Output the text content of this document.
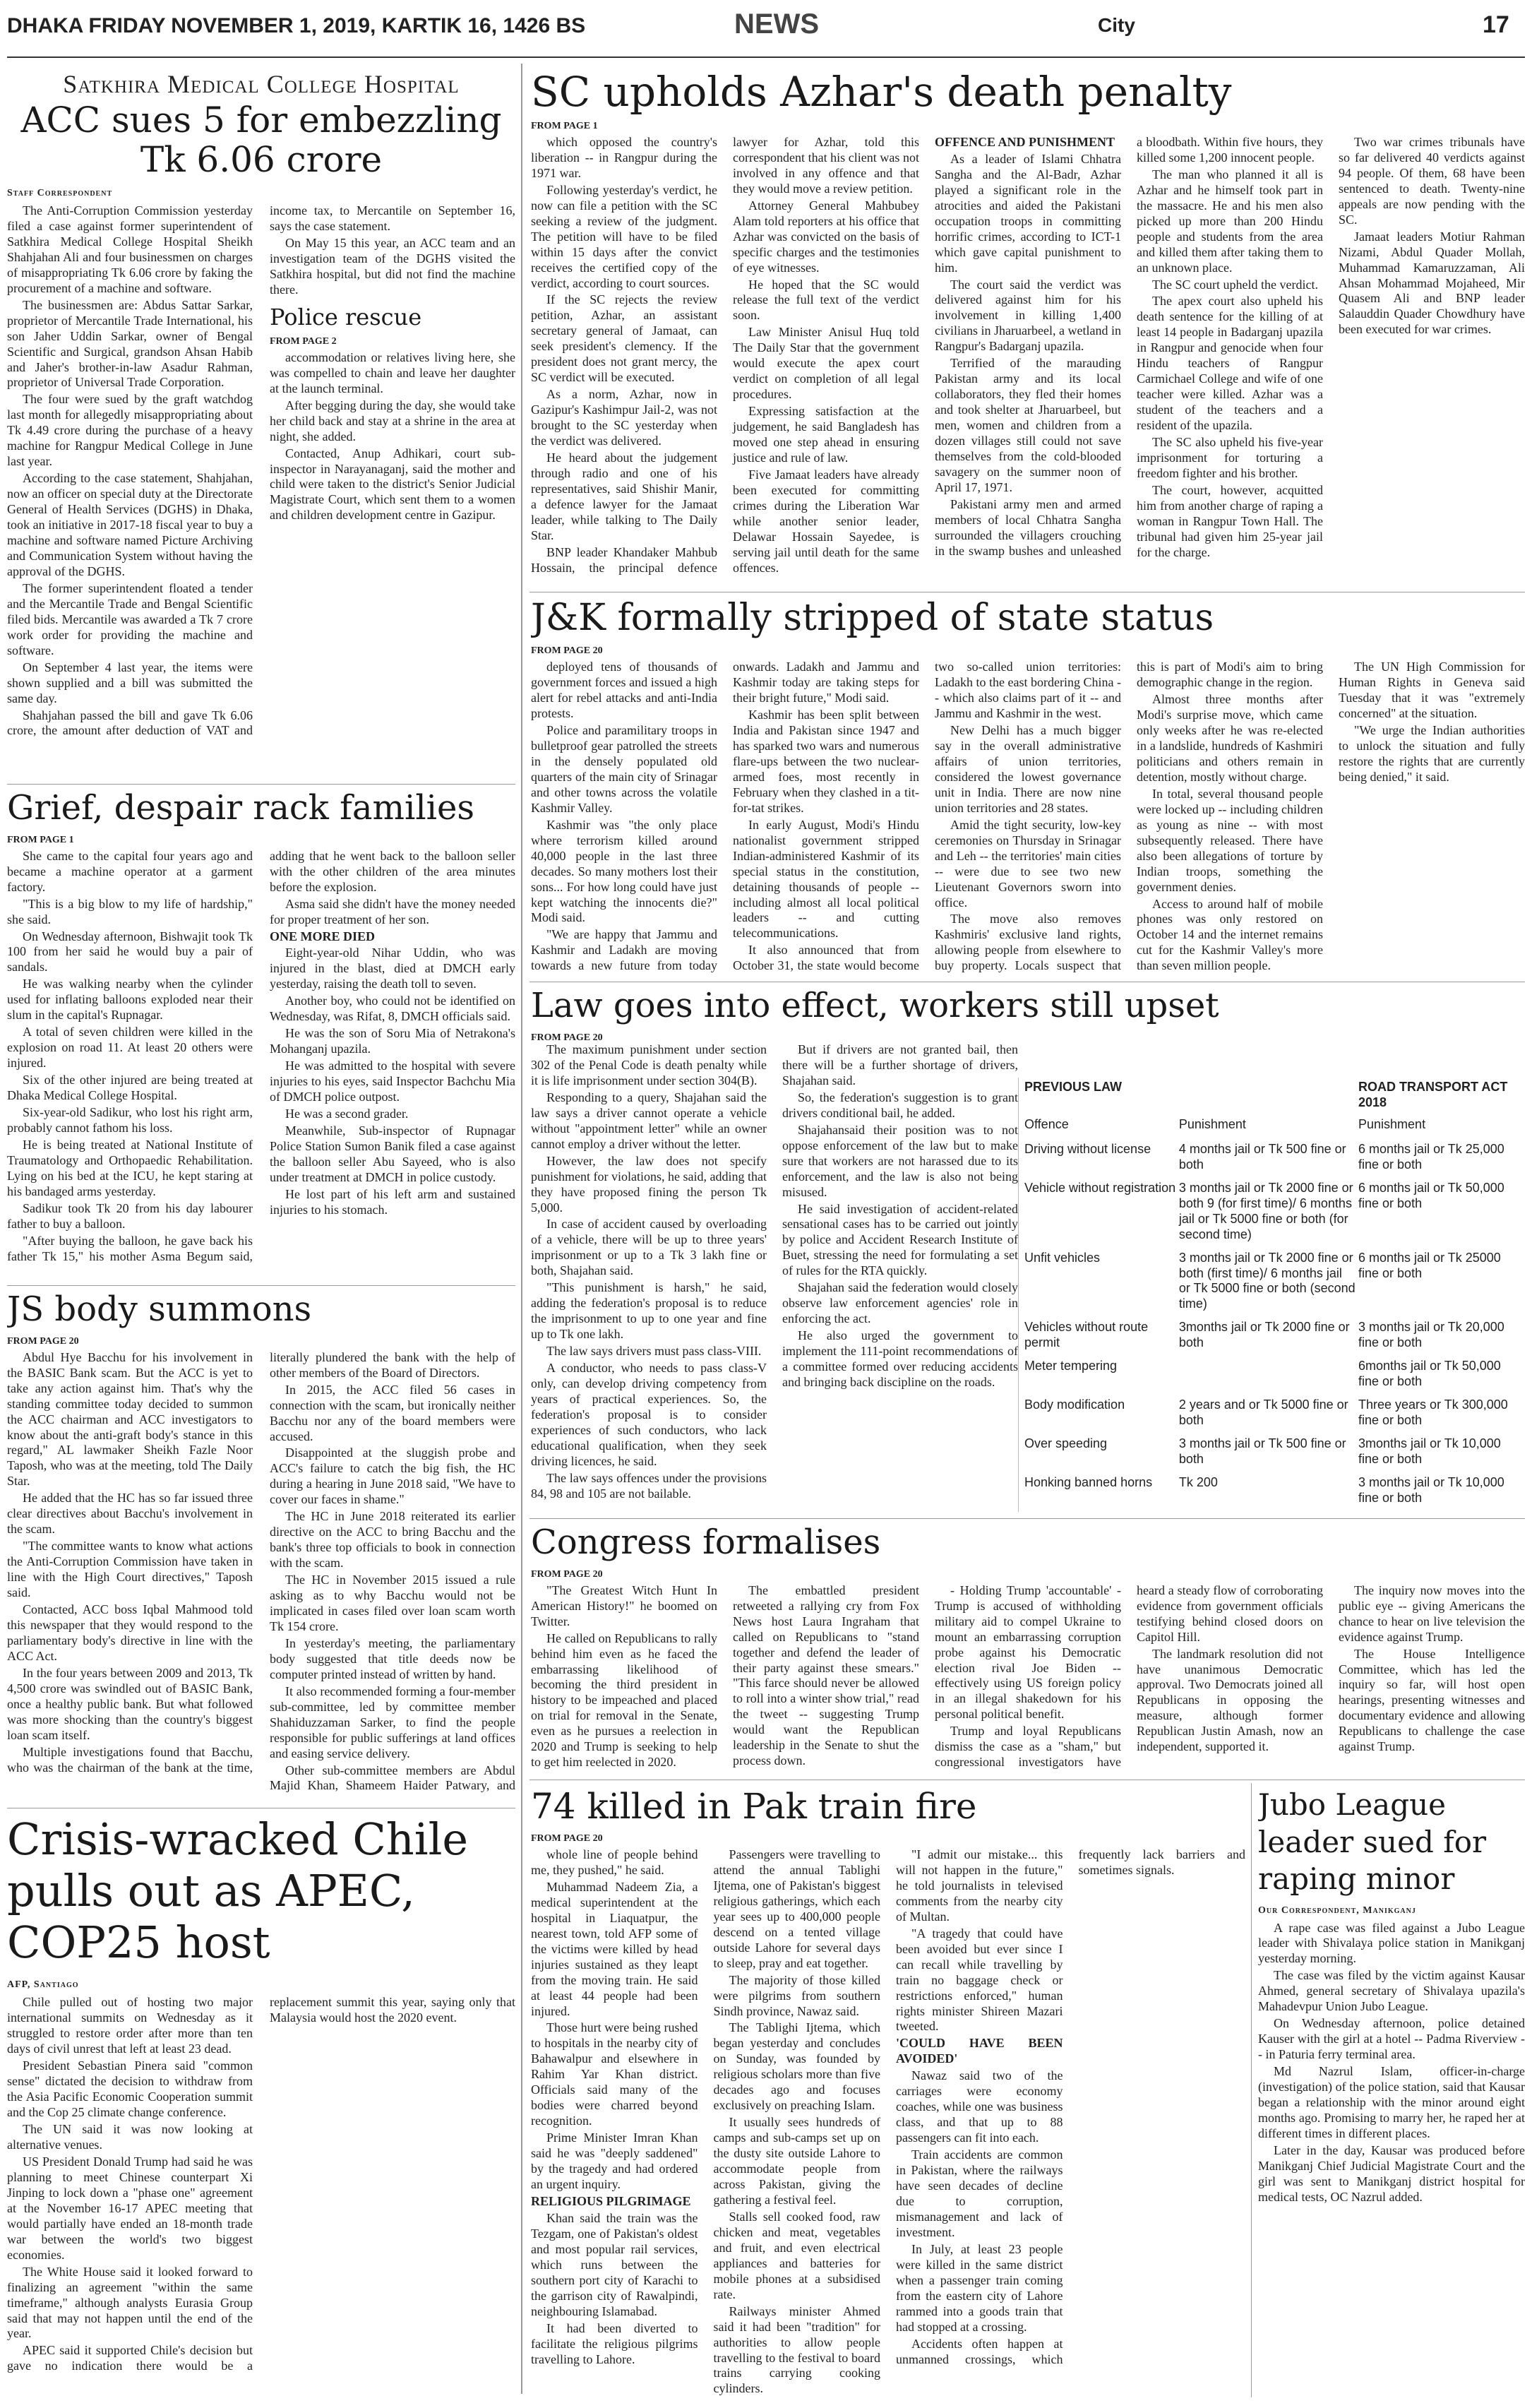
DHAKA FRIDAY NOVEMBER 1, 2019, KARTIK 16, 1426 BS	NEWS	City	17
Satkhira Medical College Hospital
ACC sues 5 for embezzling Tk 6.06 crore
Staff Correspondent

The Anti-Corruption Commission yesterday filed a case against former superintendent of Satkhira Medical College Hospital Sheikh Shahjahan Ali and four businessmen on charges of misappropriating Tk 6.06 crore by faking the procurement of a machine and software.

The businessmen are: Abdus Sattar Sarkar, proprietor of Mercantile Trade International, his son Jaher Uddin Sarkar, owner of Bengal Scientific and Surgical, grandson Ahsan Habib and Jaher's brother-in-law Asadur Rahman, proprietor of Universal Trade Corporation.

The four were sued by the graft watchdog last month for allegedly misappropriating about Tk 4.49 crore during the purchase of a heavy machine for Rangpur Medical College in June last year.

According to the case statement, Shahjahan, now an officer on special duty at the Directorate General of Health Services (DGHS) in Dhaka, took an initiative in 2017-18 fiscal year to buy a machine and software named Picture Archiving and Communication System without having the approval of the DGHS.

The former superintendent floated a tender and the Mercantile Trade and Bengal Scientific filed bids. Mercantile was awarded a Tk 7 crore work order for providing the machine and software.

On September 4 last year, the items were shown supplied and a bill was submitted the same day.

Shahjahan passed the bill and gave Tk 6.06 crore, the amount after deduction of VAT and income tax, to Mercantile on September 16, says the case statement.

On May 15 this year, an ACC team and an investigation team of the DGHS visited the Satkhira hospital, but did not find the machine there.

Police rescue
FROM PAGE 2

accommodation or relatives living here, she was compelled to chain and leave her daughter at the launch terminal.

After begging during the day, she would take her child back and stay at a shrine in the area at night, she added.

Contacted, Anup Adhikari, court sub-inspector in Narayanaganj, said the mother and child were taken to the district's Senior Judicial Magistrate Court, which sent them to a women and children development centre in Gazipur.

Grief, despair rack families
FROM PAGE 1

She came to the capital four years ago and became a machine operator at a garment factory.

"This is a big blow to my life of hardship," she said.

On Wednesday afternoon, Bishwajit took Tk 100 from her said he would buy a pair of sandals.

He was walking nearby when the cylinder used for inflating balloons exploded near their slum in the capital's Rupnagar.

A total of seven children were killed in the explosion on road 11. At least 20 others were injured.

Six of the other injured are being treated at Dhaka Medical College Hospital.

Six-year-old Sadikur, who lost his right arm, probably cannot fathom his loss.

He is being treated at National Institute of Traumatology and Orthopaedic Rehabilitation. Lying on his bed at the ICU, he kept staring at his bandaged arms yesterday.

Sadikur took Tk 20 from his day labourer father to buy a balloon.

"After buying the balloon, he gave back his father Tk 15," his mother Asma Begum said, adding that he went back to the balloon seller with the other children of the area minutes before the explosion.

Asma said she didn't have the money needed for proper treatment of her son.

ONE MORE DIED

Eight-year-old Nihar Uddin, who was injured in the blast, died at DMCH early yesterday, raising the death toll to seven.

Another boy, who could not be identified on Wednesday, was Rifat, 8, DMCH officials said.

He was the son of Soru Mia of Netrakona's Mohanganj upazila.

He was admitted to the hospital with severe injuries to his eyes, said Inspector Bachchu Mia of DMCH police outpost.

He was a second grader.

Meanwhile, Sub-inspector of Rupnagar Police Station Sumon Banik filed a case against the balloon seller Abu Sayeed, who is also under treatment at DMCH in police custody.

He lost part of his left arm and sustained injuries to his stomach.

JS body summons
FROM PAGE 20

Abdul Hye Bacchu for his involvement in the BASIC Bank scam. But the ACC is yet to take any action against him. That's why the standing committee today decided to summon the ACC chairman and ACC investigators to know about the anti-graft body's stance in this regard," AL lawmaker Sheikh Fazle Noor Taposh, who was at the meeting, told The Daily Star.

He added that the HC has so far issued three clear directives about Bacchu's involvement in the scam.

"The committee wants to know what actions the Anti-Corruption Commission have taken in line with the High Court directives," Taposh said.

Contacted, ACC boss Iqbal Mahmood told this newspaper that they would respond to the parliamentary body's directive in line with the ACC Act.

In the four years between 2009 and 2013, Tk 4,500 crore was swindled out of BASIC Bank, once a healthy public bank. But what followed was more shocking than the country's biggest loan scam itself.

Multiple investigations found that Bacchu, who was the chairman of the bank at the time, literally plundered the bank with the help of other members of the Board of Directors.

In 2015, the ACC filed 56 cases in connection with the scam, but ironically neither Bacchu nor any of the board members were accused.

Disappointed at the sluggish probe and ACC's failure to catch the big fish, the HC during a hearing in June 2018 said, "We have to cover our faces in shame."

The HC in June 2018 reiterated its earlier directive on the ACC to bring Bacchu and the bank's three top officials to book in connection with the scam.

The HC in November 2015 issued a rule asking as to why Bacchu would not be implicated in cases filed over loan scam worth Tk 154 crore.

In yesterday's meeting, the parliamentary body suggested that title deeds now be computer printed instead of written by hand.

It also recommended forming a four-member sub-committee, led by committee member Shahiduzzaman Sarker, to find the people responsible for public sufferings at land offices and easing service delivery.

Other sub-committee members are Abdul Majid Khan, Shameem Haider Patwary, and

Crisis-wracked Chile pulls out as APEC, COP25 host
AFP, Santiago

Chile pulled out of hosting two major international summits on Wednesday as it struggled to restore order after more than ten days of civil unrest that left at least 23 dead.

President Sebastian Pinera said "common sense" dictated the decision to withdraw from the Asia Pacific Economic Cooperation summit and the Cop 25 climate change conference.

The UN said it was now looking at alternative venues.

US President Donald Trump had said he was planning to meet Chinese counterpart Xi Jinping to lock down a "phase one" agreement at the November 16-17 APEC meeting that would partially have ended an 18-month trade war between the world's two biggest economies.

The White House said it looked forward to finalizing an agreement "within the same timeframe," although analysts Eurasia Group said that may not happen until the end of the year.

APEC said it supported Chile's decision but gave no indication there would be a replacement summit this year, saying only that Malaysia would host the 2020 event.

SC upholds Azhar's death penalty
FROM PAGE 1

which opposed the country's liberation -- in Rangpur during the 1971 war.

Following yesterday's verdict, he now can file a petition with the SC seeking a review of the judgment. The petition will have to be filed within 15 days after the convict receives the certified copy of the verdict, according to court sources.

If the SC rejects the review petition, Azhar, an assistant secretary general of Jamaat, can seek president's clemency. If the president does not grant mercy, the SC verdict will be executed.

As a norm, Azhar, now in Gazipur's Kashimpur Jail-2, was not brought to the SC yesterday when the verdict was delivered.

He heard about the judgement through radio and one of his representatives, said Shishir Manir, a defence lawyer for the Jamaat leader, while talking to The Daily Star.

BNP leader Khandaker Mahbub Hossain, the principal defence lawyer for Azhar, told this correspondent that his client was not involved in any offence and that they would move a review petition.

Attorney General Mahbubey Alam told reporters at his office that Azhar was convicted on the basis of specific charges and the testimonies of eye witnesses.

He hoped that the SC would release the full text of the verdict soon.

Law Minister Anisul Huq told The Daily Star that the government would execute the apex court verdict on completion of all legal procedures.

Expressing satisfaction at the judgement, he said Bangladesh has moved one step ahead in ensuring justice and rule of law.

Five Jamaat leaders have already been executed for committing crimes during the Liberation War while another senior leader, Delawar Hossain Sayedee, is serving jail until death for the same offences.

OFFENCE AND PUNISHMENT

As a leader of Islami Chhatra Sangha and the Al-Badr, Azhar played a significant role in the atrocities and aided the Pakistani occupation troops in committing horrific crimes, according to ICT-1 which gave capital punishment to him.

The court said the verdict was delivered against him for his involvement in killing 1,400 civilians in Jharuarbeel, a wetland in Rangpur's Badarganj upazila.

Terrified of the marauding Pakistan army and its local collaborators, they fled their homes and took shelter at Jharuarbeel, but men, women and children from a dozen villages still could not save themselves from the cold-blooded savagery on the summer noon of April 17, 1971.

Pakistani army men and armed members of local Chhatra Sangha surrounded the villagers crouching in the swamp bushes and unleashed a bloodbath. Within five hours, they killed some 1,200 innocent people.

The man who planned it all is Azhar and he himself took part in the massacre. He and his men also picked up more than 200 Hindu people and students from the area and killed them after taking them to an unknown place.

The SC court upheld the verdict.

The apex court also upheld his death sentence for the killing of at least 14 people in Badarganj upazila in Rangpur and genocide when four Hindu teachers of Rangpur Carmichael College and wife of one teacher were killed. Azhar was a student of the teachers and a resident of the upazila.

The SC also upheld his five-year imprisonment for torturing a freedom fighter and his brother.

The court, however, acquitted him from another charge of raping a woman in Rangpur Town Hall. The tribunal had given him 25-year jail for the charge.

Two war crimes tribunals have so far delivered 40 verdicts against 94 people. Of them, 68 have been sentenced to death. Twenty-nine appeals are now pending with the SC.

Jamaat leaders Motiur Rahman Nizami, Abdul Quader Mollah, Muhammad Kamaruzzaman, Ali Ahsan Mohammad Mojaheed, Mir Quasem Ali and BNP leader Salauddin Quader Chowdhury have been executed for war crimes.

J&K formally stripped of state status
FROM PAGE 20

deployed tens of thousands of government forces and issued a high alert for rebel attacks and anti-India protests.

Police and paramilitary troops in bulletproof gear patrolled the streets in the densely populated old quarters of the main city of Srinagar and other towns across the volatile Kashmir Valley.

Kashmir was "the only place where terrorism killed around 40,000 people in the last three decades. So many mothers lost their sons... For how long could have just kept watching the innocents die?" Modi said.

"We are happy that Jammu and Kashmir and Ladakh are moving towards a new future from today onwards. Ladakh and Jammu and Kashmir today are taking steps for their bright future," Modi said.

Kashmir has been split between India and Pakistan since 1947 and has sparked two wars and numerous flare-ups between the two nuclear-armed foes, most recently in February when they clashed in a tit-for-tat strikes.

In early August, Modi's Hindu nationalist government stripped Indian-administered Kashmir of its special status in the constitution, detaining thousands of people -- including almost all local political leaders -- and cutting telecommunications.

It also announced that from October 31, the state would become two so-called union territories: Ladakh to the east bordering China -- which also claims part of it -- and Jammu and Kashmir in the west.

New Delhi has a much bigger say in the overall administrative affairs of union territories, considered the lowest governance unit in India. There are now nine union territories and 28 states.

Amid the tight security, low-key ceremonies on Thursday in Srinagar and Leh -- the territories' main cities -- were due to see two new Lieutenant Governors sworn into office.

The move also removes Kashmiris' exclusive land rights, allowing people from elsewhere to buy property. Locals suspect that this is part of Modi's aim to bring demographic change in the region.

Almost three months after Modi's surprise move, which came only weeks after he was re-elected in a landslide, hundreds of Kashmiri politicians and others remain in detention, mostly without charge.

In total, several thousand people were locked up -- including children as young as nine -- with most subsequently released. There have also been allegations of torture by Indian troops, something the government denies.

Access to around half of mobile phones was only restored on October 14 and the internet remains cut for the Kashmir Valley's more than seven million people.

The UN High Commission for Human Rights in Geneva said Tuesday that it was "extremely concerned" at the situation.

"We urge the Indian authorities to unlock the situation and fully restore the rights that are currently being denied," it said.

Law goes into effect, workers still upset
FROM PAGE 20

The maximum punishment under section 302 of the Penal Code is death penalty while it is life imprisonment under section 304(B).

Responding to a query, Shajahan said the law says a driver cannot operate a vehicle without "appointment letter" while an owner cannot employ a driver without the letter.

However, the law does not specify punishment for violations, he said, adding that they have proposed fining the person Tk 5,000.

In case of accident caused by overloading of a vehicle, there will be up to three years' imprisonment or up to a Tk 3 lakh fine or both, Shajahan said.

"This punishment is harsh," he said, adding the federation's proposal is to reduce the imprisonment to up to one year and fine up to Tk one lakh.

The law says drivers must pass class-VIII.

A conductor, who needs to pass class-V only, can develop driving competency from years of practical experiences. So, the federation's proposal is to consider experiences of such conductors, who lack educational qualification, when they seek driving licences, he said.

The law says offences under the provisions 84, 98 and 105 are not bailable.

But if drivers are not granted bail, then there will be a further shortage of drivers, Shajahan said.

So, the federation's suggestion is to grant drivers conditional bail, he added.

Shajahansaid their position was to not oppose enforcement of the law but to make sure that workers are not harassed due to its enforcement, and the law is also not being misused.

He said investigation of accident-related sensational cases has to be carried out jointly by police and Accident Research Institute of Buet, stressing the need for formulating a set of rules for the RTA quickly.

Shajahan said the federation would closely observe law enforcement agencies' role in enforcing the act.

He also urged the government to implement the 111-point recommendations of a committee formed over reducing accidents and bringing back discipline on the roads.

PREVIOUS LAW		ROAD TRANSPORT ACT 2018
Offence	Punishment	Punishment
Driving without license	4 months jail or Tk 500 fine or both	6 months jail or Tk 25,000 fine or both
Vehicle without registration	3 months jail or Tk 2000 fine or both 9 (for first time)/ 6 months jail or Tk 5000 fine or both (for second time)	6 months jail or Tk 50,000 fine or both
Unfit vehicles	3 months jail or Tk 2000 fine or both (first time)/ 6 months jail or Tk 5000 fine or both (second time)	6 months jail or Tk 25000 fine or both
Vehicles without route permit	3months jail or Tk 2000 fine or both	3 months jail or Tk 20,000 fine or both
Meter tempering		6months jail or Tk 50,000 fine or both
Body modification	2 years and or Tk 5000 fine or both	Three years or Tk 300,000 fine or both
Over speeding	3 months jail or Tk 500 fine or both	3months jail or Tk 10,000 fine or both
Honking banned horns	Tk 200	3 months jail or Tk 10,000 fine or both

Congress formalises
FROM PAGE 20

"The Greatest Witch Hunt In American History!" he boomed on Twitter.

He called on Republicans to rally behind him even as he faced the embarrassing likelihood of becoming the third president in history to be impeached and placed on trial for removal in the Senate, even as he pursues a reelection in 2020 and Trump is seeking to help to get him reelected in 2020.

The embattled president retweeted a rallying cry from Fox News host Laura Ingraham that called on Republicans to "stand together and defend the leader of their party against these smears." "This farce should never be allowed to roll into a winter show trial," read the tweet -- suggesting Trump would want the Republican leadership in the Senate to shut the process down.

- Holding Trump 'accountable' - Trump is accused of withholding military aid to compel Ukraine to mount an embarrassing corruption probe against his Democratic election rival Joe Biden -- effectively using US foreign policy in an illegal shakedown for his personal political benefit.

Trump and loyal Republicans dismiss the case as a "sham," but congressional investigators have heard a steady flow of corroborating evidence from government officials testifying behind closed doors on Capitol Hill.

The landmark resolution did not have unanimous Democratic approval. Two Democrats joined all Republicans in opposing the measure, although former Republican Justin Amash, now an independent, supported it.

The inquiry now moves into the public eye -- giving Americans the chance to hear on live television the evidence against Trump.

The House Intelligence Committee, which has led the inquiry so far, will host open hearings, presenting witnesses and documentary evidence and allowing Republicans to challenge the case against Trump.

74 killed in Pak train fire
FROM PAGE 20

whole line of people behind me, they pushed," he said.

Muhammad Nadeem Zia, a medical superintendent at the hospital in Liaquatpur, the nearest town, told AFP some of the victims were killed by head injuries sustained as they leapt from the moving train. He said at least 44 people had been injured.

Those hurt were being rushed to hospitals in the nearby city of Bahawalpur and elsewhere in Rahim Yar Khan district. Officials said many of the bodies were charred beyond recognition.

Prime Minister Imran Khan said he was "deeply saddened" by the tragedy and had ordered an urgent inquiry.

RELIGIOUS PILGRIMAGE

Khan said the train was the Tezgam, one of Pakistan's oldest and most popular rail services, which runs between the southern port city of Karachi to the garrison city of Rawalpindi, neighbouring Islamabad.

It had been diverted to facilitate the religious pilgrims travelling to Lahore.

Passengers were travelling to attend the annual Tablighi Ijtema, one of Pakistan's biggest religious gatherings, which each year sees up to 400,000 people descend on a tented village outside Lahore for several days to sleep, pray and eat together.

The majority of those killed were pilgrims from southern Sindh province, Nawaz said.

The Tablighi Ijtema, which began yesterday and concludes on Sunday, was founded by religious scholars more than five decades ago and focuses exclusively on preaching Islam.

It usually sees hundreds of camps and sub-camps set up on the dusty site outside Lahore to accommodate people from across Pakistan, giving the gathering a festival feel.

Stalls sell cooked food, raw chicken and meat, vegetables and fruit, and even electrical appliances and batteries for mobile phones at a subsidised rate.

Railways minister Ahmed said it had been "tradition" for authorities to allow people travelling to the festival to board trains carrying cooking cylinders.

"I admit our mistake... this will not happen in the future," he told journalists in televised comments from the nearby city of Multan.

"A tragedy that could have been avoided but ever since I can recall while travelling by train no baggage check or restrictions enforced," human rights minister Shireen Mazari tweeted.

'COULD HAVE BEEN AVOIDED'

Nawaz said two of the carriages were economy coaches, while one was business class, and that up to 88 passengers can fit into each.

Train accidents are common in Pakistan, where the railways have seen decades of decline due to corruption, mismanagement and lack of investment.

In July, at least 23 people were killed in the same district when a passenger train coming from the eastern city of Lahore rammed into a goods train that had stopped at a crossing.

Accidents often happen at unmanned crossings, which frequently lack barriers and sometimes signals.

Jubo League leader sued for raping minor
Our Correspondent, Manikganj

A rape case was filed against a Jubo League leader with Shivalaya police station in Manikganj yesterday morning.

The case was filed by the victim against Kausar Ahmed, general secretary of Shivalaya upazila's Mahadevpur Union Jubo League.

On Wednesday afternoon, police detained Kauser with the girl at a hotel -- Padma Riverview -- in Paturia ferry terminal area.

Md Nazrul Islam, officer-in-charge (investigation) of the police station, said that Kausar began a relationship with the minor around eight months ago. Promising to marry her, he raped her at different times in different places.

Later in the day, Kausar was produced before Manikganj Chief Judicial Magistrate Court and the girl was sent to Manikganj district hospital for medical tests, OC Nazrul added.
